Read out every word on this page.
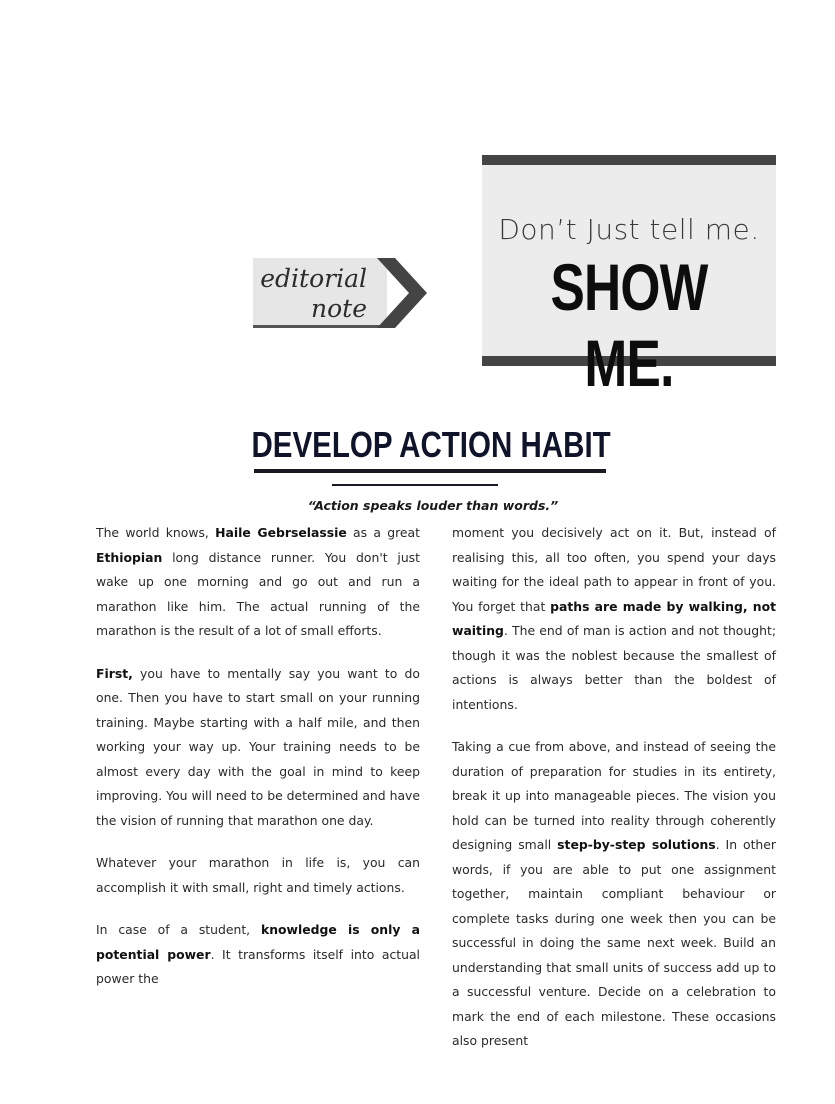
editorial
note
Don’t Just tell me.
SHOW ME.
DEVELOP ACTION HABIT
“Action speaks louder than words.”

The world knows, Haile Gebrselassie as a great Ethiopian long distance runner. You don't just wake up one morning and go out and run a marathon like him. The actual running of the marathon is the result of a lot of small efforts.

First, you have to mentally say you want to do one. Then you have to start small on your running training. Maybe starting with a half mile, and then working your way up. Your training needs to be almost every day with the goal in mind to keep improving. You will need to be determined and have the vision of running that marathon one day.

Whatever your marathon in life is, you can accomplish it with small, right and timely actions.

In case of a student, knowledge is only a potential power. It transforms itself into actual power the

moment you decisively act on it. But, instead of realising this, all too often, you spend your days waiting for the ideal path to appear in front of you. You forget that paths are made by walking, not waiting. The end of man is action and not thought; though it was the noblest because the smallest of actions is always better than the boldest of intentions.

Taking a cue from above, and instead of seeing the duration of preparation for studies in its entirety, break it up into manageable pieces. The vision you hold can be turned into reality through coherently designing small step-by-step solutions. In other words, if you are able to put one assignment together, maintain compliant behaviour or complete tasks during one week then you can be successful in doing the same next week. Build an understanding that small units of success add up to a successful venture. Decide on a celebration to mark the end of each milestone. These occasions also present
